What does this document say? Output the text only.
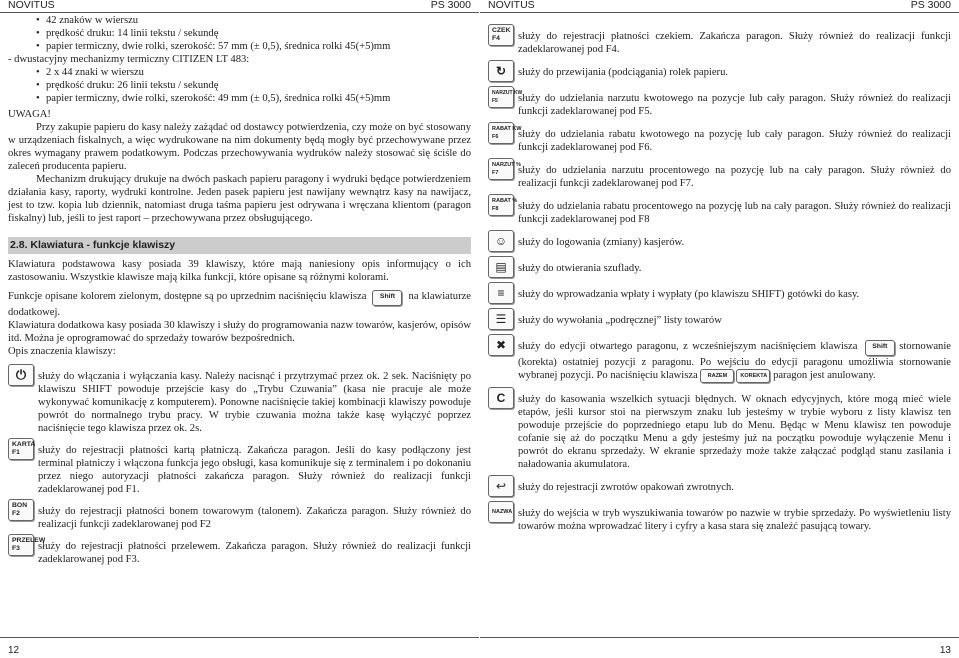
NOVITUS	PS 3000

• 42 znaków w wierszu

• prędkość druku: 14 linii tekstu / sekundę

• papier termiczny, dwie rolki, szerokość: 57 mm (± 0,5), średnica rolki 45(+5)mm

- dwustacyjny mechanizmy termiczny CITIZEN LT 483:

• 2 x 44 znaki w wierszu

• prędkość druku: 26 linii tekstu / sekundę

• papier termiczny, dwie rolki, szerokość: 49 mm (± 0,5), średnica rolki 45(+5)mm

UWAGA!

Przy zakupie papieru do kasy należy zażądać od dostawcy potwierdzenia, czy może on być stosowany w urządzeniach fiskalnych, a więc wydrukowane na nim dokumenty będą mogły być przechowywane przez okres wymagany prawem podatkowym. Podczas przechowywania wydruków należy stosować się ściśle do zaleceń producenta papieru.

Mechanizm drukujący drukuje na dwóch paskach papieru paragony i wydruki będące potwierdzeniem działania kasy, raporty, wydruki kontrolne. Jeden pasek papieru jest nawijany wewnątrz kasy na nawijacz, jest to tzw. kopia lub dziennik, natomiast druga taśma papieru jest odrywana i wręczana klientom (paragon fiskalny) lub, jeśli to jest raport – przechowywana przez obsługującego.

2.8. Klawiatura - funkcje klawiszy

Klawiatura podstawowa kasy posiada 39 klawiszy, które mają naniesiony opis informujący o ich zastosowaniu. Wszystkie klawisze mają kilka funkcji, które opisane są różnymi kolorami.

Funkcje opisane kolorem zielonym, dostępne są po uprzednim naciśnięciu klawisza Shift na klawiaturze dodatkowej.

Klawiatura dodatkowa kasy posiada 30 klawiszy i służy do programowania nazw towarów, kasjerów, opisów itd. Można je oprogramować do sprzedaży towarów bezpośrednich.

Opis znaczenia klawiszy:

⏻	służy do włączania i wyłączania kasy. Należy nacisnąć i przytrzymać przez ok. 2 sek. Naciśnięty po klawiszu SHIFT powoduje przejście kasy do „Trybu Czuwania” (kasa nie pracuje ale może wykonywać komunikację z komputerem). Ponowne naciśnięcie takiej kombinacji klawiszy powoduje powrót do normalnego trybu pracy. W trybie czuwania można także kasę wyłączyć poprzez naciśnięcie tego klawisza przez ok. 2s.

KARTA
F1	służy do rejestracji płatności kartą płatniczą. Zakańcza paragon. Jeśli do kasy podłączony jest terminal płatniczy i włączona funkcja jego obsługi, kasa komunikuje się z terminalem i po dokonaniu przez niego autoryzacji płatności zakańcza paragon. Służy również do realizacji funkcji zadeklarowanej pod F1.

BON
F2	służy do rejestracji płatności bonem towarowym (talonem). Zakańcza paragon. Służy również do realizacji funkcji zadeklarowanej pod F2

PRZELEW
F3	służy do rejestracji płatności przelewem. Zakańcza paragon. Służy również do realizacji funkcji zadeklarowanej pod F3.

12
NOVITUS	PS 3000
CZEK
F4	służy do rejestracji płatności czekiem. Zakańcza paragon. Służy również do realizacji funkcji zadeklarowanej pod F4.

↻	służy do przewijania (podciągania) rolek papieru.

NARZUT KW
F5	służy do udzielania narzutu kwotowego na pozycje lub cały paragon. Służy również do realizacji funkcji zadeklarowanej pod F5.

RABAT KW
F6	służy do udzielania rabatu kwotowego na pozycję lub cały paragon. Służy również do realizacji funkcji zadeklarowanej pod F6.

NARZUT %
F7	służy do udzielania narzutu procentowego na pozycję lub na cały paragon. Służy również do realizacji funkcji zadeklarowanej pod F7.

RABAT %
F8	służy do udzielania rabatu procentowego na pozycję lub na cały paragon. Służy również do realizacji funkcji zadeklarowanej pod F8

☺	służy do logowania (zmiany) kasjerów.

▤	służy do otwierania szuflady.

≡	służy do wprowadzania wpłaty i wypłaty (po klawiszu SHIFT) gotówki do kasy.

☰	służy do wywołania „podręcznej” listy towarów

✖	służy do edycji otwartego paragonu, z wcześniejszym naciśnięciem klawisza Shift stornowanie (korekta) ostatniej pozycji z paragonu. Po wejściu do edycji paragonu umożliwia stornowanie wybranej pozycji. Po naciśnięciu klawisza	RAZEM	KOREKTA paragon jest anulowany.
C	służy do kasowania wszelkich sytuacji błędnych. W oknach edycyjnych, które mogą mieć wiele etapów, jeśli kursor stoi na pierwszym znaku lub jesteśmy w trybie wyboru z listy klawisz ten powoduje przejście do poprzedniego etapu lub do Menu. Będąc w Menu klawisz ten powoduje cofanie się aż do początku Menu a gdy jesteśmy już na początku powoduje wyłączenie Menu i powrót do ekranu sprzedaży. W ekranie sprzedaży może także załączać podgląd stanu zasilania i naładowania akumulatora.

↩	służy do rejestracji zwrotów opakowań zwrotnych.

NAZWA służy do wejścia w tryb wyszukiwania towarów po nazwie w trybie sprzedaży. Po wyświetleniu listy towarów można wprowadzać litery i cyfry a kasa stara się znaleźć pasującą towary.

13
